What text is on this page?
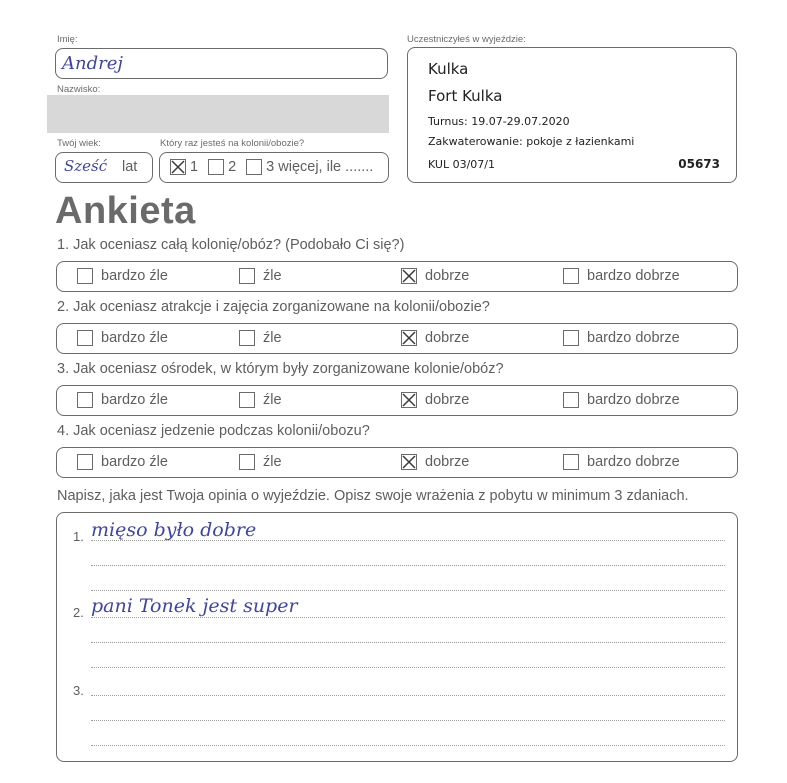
Imię:
Andrej
Nazwisko:
Twój wiek:
Sześć lat
Który raz jesteś na kolonii/obozie?
1 2 3 więcej, ile .......
Uczestniczyłeś w wyjeździe:
Kulka
Fort Kulka
Turnus: 19.07-29.07.2020
Zakwaterowanie: pokoje z łazienkami
KUL 03/07/1	05673
Ankieta
1. Jak oceniasz całą kolonię/obóz? (Podobało Ci się?)
bardzo źle	źle	dobrze	bardzo dobrze
2. Jak oceniasz atrakcje i zajęcia zorganizowane na kolonii/obozie?
bardzo źle	źle	dobrze	bardzo dobrze
3. Jak oceniasz ośrodek, w którym były zorganizowane kolonie/obóz?
bardzo źle	źle	dobrze	bardzo dobrze
4. Jak oceniasz jedzenie podczas kolonii/obozu?
bardzo źle	źle	dobrze	bardzo dobrze
Napisz, jaka jest Twoja opinia o wyjeździe. Opisz swoje wrażenia z pobytu w minimum 3 zdaniach.
1. mięso było dobre
2. pani Tonek jest super
3.
